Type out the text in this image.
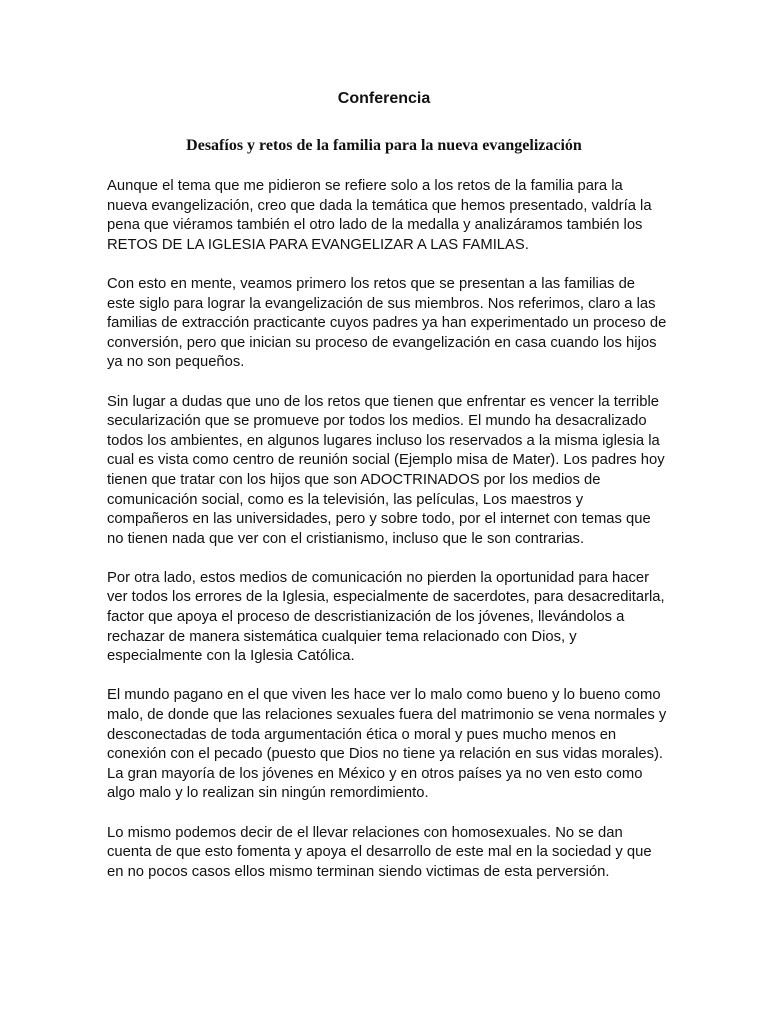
Conferencia
Desafíos y retos de la familia para la nueva evangelización

Aunque el tema que me pidieron se refiere solo a los retos de la familia para la nueva evangelización, creo que dada la temática que hemos presentado, valdría la pena que viéramos también el otro lado de la medalla y analizáramos también los RETOS DE LA IGLESIA PARA EVANGELIZAR A LAS FAMILAS.

Con esto en mente, veamos primero los retos que se presentan a las familias de este siglo para lograr la evangelización de sus miembros. Nos referimos, claro a las familias de extracción practicante cuyos padres ya han experimentado un proceso de conversión, pero que inician su proceso de evangelización en casa cuando los hijos ya no son pequeños.

Sin lugar a dudas que uno de los retos que tienen que enfrentar es vencer la terrible secularización que se promueve por todos los medios. El mundo ha desacralizado todos los ambientes, en algunos lugares incluso los reservados a la misma iglesia la cual es vista como centro de reunión social (Ejemplo misa de Mater). Los padres hoy tienen que tratar con los hijos que son ADOCTRINADOS por los medios de comunicación social, como es la televisión, las películas, Los maestros y compañeros en las universidades, pero y sobre todo, por el internet con temas que no tienen nada que ver con el cristianismo, incluso que le son contrarias.

Por otra lado, estos medios de comunicación no pierden la oportunidad para hacer ver todos los errores de la Iglesia, especialmente de sacerdotes, para desacreditarla, factor que apoya el proceso de descristianización de los jóvenes, llevándolos a rechazar de manera sistemática cualquier tema relacionado con Dios, y especialmente con la Iglesia Católica.

El mundo pagano en el que viven les hace ver lo malo como bueno y lo bueno como malo, de donde que las relaciones sexuales fuera del matrimonio se vena normales y desconectadas de toda argumentación ética o moral y pues mucho menos en conexión con el pecado (puesto que Dios no tiene ya relación en sus vidas morales). La gran mayoría de los jóvenes en México y en otros países ya no ven esto como algo malo y lo realizan sin ningún remordimiento.

Lo mismo podemos decir de el llevar relaciones con homosexuales. No se dan cuenta de que esto fomenta y apoya el desarrollo de este mal en la sociedad y que en no pocos casos ellos mismo terminan siendo victimas de esta perversión.
